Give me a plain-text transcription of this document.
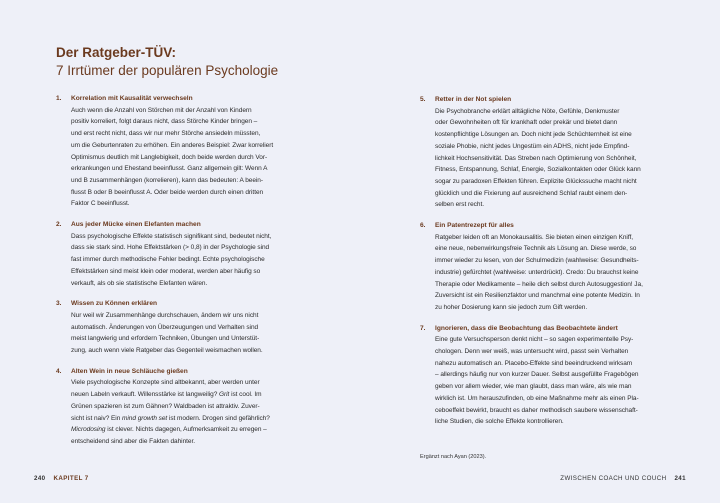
Der Ratgeber-TÜV:
7 Irrtümer der populären Psychologie
1. Korrelation mit Kausalität verwechseln

Auch wenn die Anzahl von Störchen mit der Anzahl von Kindern

positiv korreliert, folgt daraus nicht, dass Störche Kinder bringen –

und erst recht nicht, dass wir nur mehr Störche ansiedeln müssten,

um die Geburtenraten zu erhöhen. Ein anderes Beispiel: Zwar korreliert

Optimismus deutlich mit Langlebigkeit, doch beide werden durch Vor-

erkrankungen und Ehestand beeinflusst. Ganz allgemein gilt: Wenn A

und B zusammenhängen (korrelieren), kann das bedeuten: A beein-

flusst B oder B beeinflusst A. Oder beide werden durch einen dritten

Faktor C beeinflusst.

2. Aus jeder Mücke einen Elefanten machen

Dass psychologische Effekte statistisch signifikant sind, bedeutet nicht,

dass sie stark sind. Hohe Effektstärken (> 0,8) in der Psychologie sind

fast immer durch methodische Fehler bedingt. Echte psychologische

Effektstärken sind meist klein oder moderat, werden aber häufig so

verkauft, als ob sie statistische Elefanten wären.

3. Wissen zu Können erklären

Nur weil wir Zusammenhänge durchschauen, ändern wir uns nicht

automatisch. Änderungen von Überzeugungen und Verhalten sind

meist langwierig und erfordern Techniken, Übungen und Unterstüt-

zung, auch wenn viele Ratgeber das Gegenteil weismachen wollen.

4. Alten Wein in neue Schläuche gießen

Viele psychologische Konzepte sind altbekannt, aber werden unter

neuen Labeln verkauft. Willensstärke ist langweilig? Grit ist cool. Im

Grünen spazieren ist zum Gähnen? Waldbaden ist attraktiv. Zuver-

sicht ist naiv? Ein mind growth set ist modern. Drogen sind gefährlich?

Microdosing ist clever. Nichts dagegen, Aufmerksamkeit zu erregen –

entscheidend sind aber die Fakten dahinter.

5. Retter in der Not spielen

Die Psychobranche erklärt alltägliche Nöte, Gefühle, Denkmuster

oder Gewohnheiten oft für krankhaft oder prekär und bietet dann

kostenpflichtige Lösungen an. Doch nicht jede Schüchternheit ist eine

soziale Phobie, nicht jedes Ungestüm ein ADHS, nicht jede Empfind-

lichkeit Hochsensitivität. Das Streben nach Optimierung von Schönheit,

Fitness, Entspannung, Schlaf, Energie, Sozialkontakten oder Glück kann

sogar zu paradoxen Effekten führen. Explizite Glückssuche macht nicht

glücklich und die Fixierung auf ausreichend Schlaf raubt einem den-

selben erst recht.

6. Ein Patentrezept für alles

Ratgeber leiden oft an Monokausalitis. Sie bieten einen einzigen Kniff,

eine neue, nebenwirkungsfreie Technik als Lösung an. Diese werde, so

immer wieder zu lesen, von der Schulmedizin (wahlweise: Gesundheits-

industrie) gefürchtet (wahlweise: unterdrückt). Credo: Du brauchst keine

Therapie oder Medikamente – heile dich selbst durch Autosuggestion! Ja,

Zuversicht ist ein Resilienzfaktor und manchmal eine potente Medizin. In

zu hoher Dosierung kann sie jedoch zum Gift werden.

7. Ignorieren, dass die Beobachtung das Beobachtete ändert

Eine gute Versuchsperson denkt nicht – so sagen experimentelle Psy-

chologen. Denn wer weiß, was untersucht wird, passt sein Verhalten

nahezu automatisch an. Placebo-Effekte sind beeindruckend wirksam

– allerdings häufig nur von kurzer Dauer. Selbst ausgefüllte Fragebögen

geben vor allem wieder, wie man glaubt, dass man wäre, als wie man

wirklich ist. Um herauszufinden, ob eine Maßnahme mehr als einen Pla-

ceboeffekt bewirkt, braucht es daher methodisch saubere wissenschaft-

liche Studien, die solche Effekte kontrollieren.

Ergänzt nach Ayan (2023).
240 KAPITEL 7	ZWISCHEN COACH UND COUCH 241
